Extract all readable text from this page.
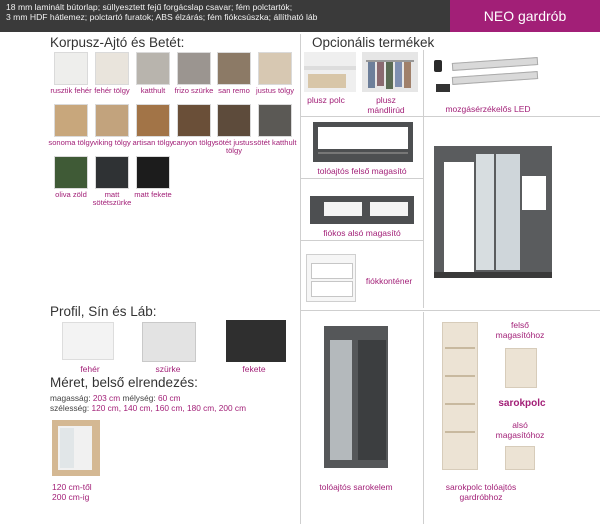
18 mm laminált bútorlap; süllyesztett fejű forgácslap csavar; fém polctartók;
3 mm HDF hátlemez; polctartó furatok; ABS élzárás; fém fiókcsúszka; állítható láb	NEO gardrób
Korpusz-Ajtó és Betét:
rusztik fehér fehér tölgy	katthult	frizo szürke san remo justus tölgy
sonoma tölgy viking tölgy artisan tölgy canyon tölgy sötét justus tölgy
sötét katthult
oliva zöld	matt sötétszürke
matt fekete
Opcionális termékek
plusz polc	plusz mándlirúd	mozgásérzékelős LED
tolóajtós felső magasító
fiókos alsó magasító
fiókkonténer
Profil, Sín és Láb:
fehér	szürke	fekete
Méret, belső elrendezés:
magasság: 203 cm mélység: 60 cm
szélesség: 120 cm, 140 cm, 160 cm, 180 cm, 200 cm
120 cm-től
200 cm-ig
tolóajtós sarokelem	sarokpolc tolóajtós gardróbhoz
felső magasítóhoz
sarokpolc
alsó magasítóhoz
